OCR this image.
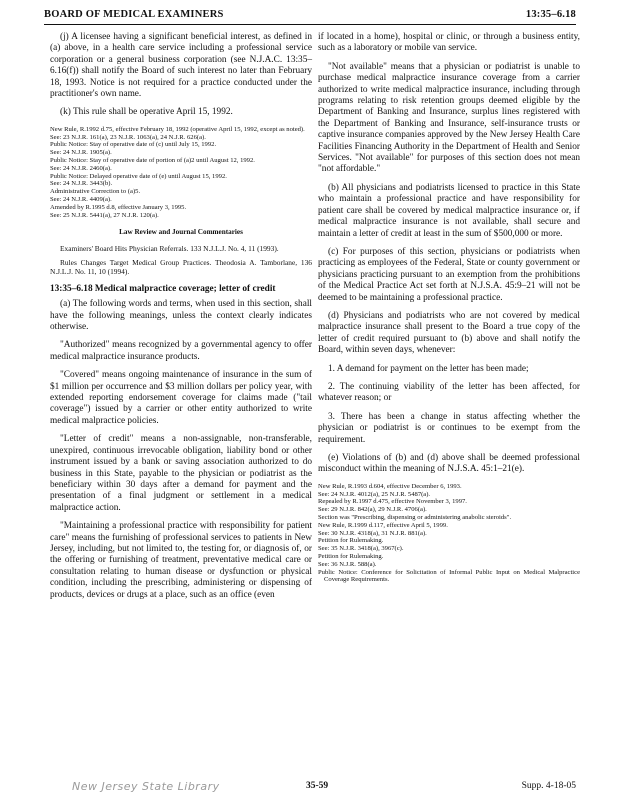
BOARD OF MEDICAL EXAMINERS	13:35–6.18

(j) A licensee having a significant beneficial interest, as defined in (a) above, in a health care service including a professional service corporation or a general business corporation (see N.J.A.C. 13:35–6.16(f)) shall notify the Board of such interest no later than February 18, 1993. Notice is not required for a practice conducted under the practitioner's own name.

(k) This rule shall be operative April 15, 1992.

New Rule, R.1992 d.75, effective February 18, 1992 (operative April 15, 1992, except as noted).
See: 23 N.J.R. 161(a), 23 N.J.R. 1063(a), 24 N.J.R. 626(a).
Public Notice: Stay of operative date of (c) until July 15, 1992.
See: 24 N.J.R. 1905(a).
Public Notice: Stay of operative date of portion of (a)2 until August 12, 1992.
See: 24 N.J.R. 2460(a).
Public Notice: Delayed operative date of (e) until August 15, 1992.
See: 24 N.J.R. 3443(b).
Administrative Correction to (a)5.
See: 24 N.J.R. 4409(a).
Amended by R.1995 d.8, effective January 3, 1995.
See: 25 N.J.R. 5441(a), 27 N.J.R. 120(a).
Law Review and Journal Commentaries

Examiners' Board Hits Physician Referrals. 133 N.J.L.J. No. 4, 11 (1993).

Rules Changes Target Medical Group Practices. Theodosia A. Tamborlane, 136 N.J.L.J. No. 11, 10 (1994).

13:35–6.18 Medical malpractice coverage; letter of credit

(a) The following words and terms, when used in this section, shall have the following meanings, unless the context clearly indicates otherwise.

"Authorized" means recognized by a governmental agency to offer medical malpractice insurance products.

"Covered" means ongoing maintenance of insurance in the sum of $1 million per occurrence and $3 million dollars per policy year, with extended reporting endorsement coverage for claims made ("tail coverage") issued by a carrier or other entity authorized to write medical malpractice policies.

"Letter of credit" means a non-assignable, non-transferable, unexpired, continuous irrevocable obligation, liability bond or other instrument issued by a bank or saving association authorized to do business in this State, payable to the physician or podiatrist as the beneficiary within 30 days after a demand for payment and the presentation of a final judgment or settlement in a medical malpractice action.

"Maintaining a professional practice with responsibility for patient care" means the furnishing of professional services to patients in New Jersey, including, but not limited to, the testing for, or diagnosis of, or the offering or furnishing of treatment, preventative medical care or consultation relating to human disease or dysfunction or physical condition, including the prescribing, administering or dispensing of products, devices or drugs at a place, such as an office (even

if located in a home), hospital or clinic, or through a business entity, such as a laboratory or mobile van service.

"Not available" means that a physician or podiatrist is unable to purchase medical malpractice insurance coverage from a carrier authorized to write medical malpractice insurance, including through programs relating to risk retention groups deemed eligible by the Department of Banking and Insurance, surplus lines registered with the Department of Banking and Insurance, self-insurance trusts or captive insurance companies approved by the New Jersey Health Care Facilities Financing Authority in the Department of Health and Senior Services. "Not available" for purposes of this section does not mean "not affordable."

(b) All physicians and podiatrists licensed to practice in this State who maintain a professional practice and have responsibility for patient care shall be covered by medical malpractice insurance or, if medical malpractice insurance is not available, shall secure and maintain a letter of credit at least in the sum of $500,000 or more.

(c) For purposes of this section, physicians or podiatrists when practicing as employees of the Federal, State or county government or physicians practicing pursuant to an exemption from the prohibitions of the Medical Practice Act set forth at N.J.S.A. 45:9–21 will not be deemed to be maintaining a professional practice.

(d) Physicians and podiatrists who are not covered by medical malpractice insurance shall present to the Board a true copy of the letter of credit required pursuant to (b) above and shall notify the Board, within seven days, whenever:

1. A demand for payment on the letter has been made;

2. The continuing viability of the letter has been affected, for whatever reason; or

3. There has been a change in status affecting whether the physician or podiatrist is or continues to be exempt from the requirement.

(e) Violations of (b) and (d) above shall be deemed professional misconduct within the meaning of N.J.S.A. 45:1–21(e).

New Rule, R.1993 d.604, effective December 6, 1993.
See: 24 N.J.R. 4012(a), 25 N.J.R. 5487(a).
Repealed by R.1997 d.475, effective November 3, 1997.
See: 29 N.J.R. 842(a), 29 N.J.R. 4706(a).
Section was "Prescribing, dispensing or administering anabolic steroids".
New Rule, R.1999 d.117, effective April 5, 1999.
See: 30 N.J.R. 4318(a), 31 N.J.R. 881(a).
Petition for Rulemaking.
See: 35 N.J.R. 3418(a), 3967(c).
Petition for Rulemaking.
See: 36 N.J.R. 588(a).
Public Notice: Conference for Solicitation of Informal Public Input on Medical Malpractice Coverage Requirements.
New Jersey State Library	35-59	Supp. 4-18-05
